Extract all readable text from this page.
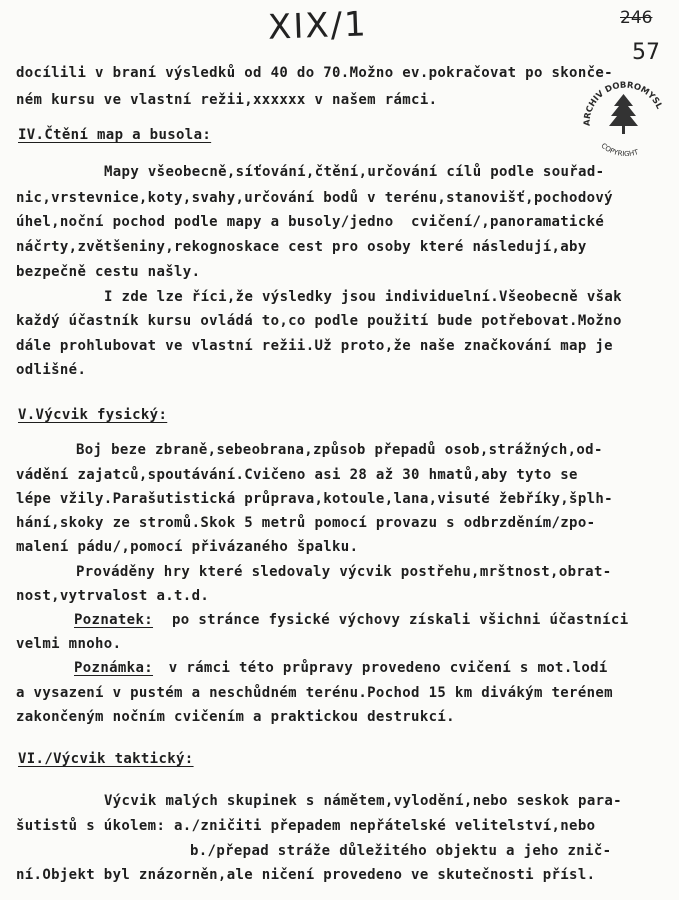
XIX/1	246
57
ARCHIV DOBROMYSL
COPYRIGHT
docílili v braní výsledků od 40 do 70.Možno ev.pokračovat po skonče-
ném kursu ve vlastní režii,xxxxxx v našem rámci.
IV.Čtění map a busola:
Mapy všeobecně,síťování,čtění,určování cílů podle souřad-
nic,vrstevnice,koty,svahy,určování bodů v terénu,stanovišť,pochodový
úhel,noční pochod podle mapy a busoly/jedno  cvičení/,panoramatické
náčrty,zvětšeniny,rekognoskace cest pro osoby které následují,aby
bezpečně cestu našly.
I zde lze říci,že výsledky jsou individuelní.Všeobecně však
každý účastník kursu ovládá to,co podle použití bude potřebovat.Možno
dále prohlubovat ve vlastní režii.Už proto,že naše značkování map je
odlišné.
V.Výcvik fysický:
Boj beze zbraně,sebeobrana,způsob přepadů osob,strážných,od-
vádění zajatců,spoutávání.Cvičeno asi 28 až 30 hmatů,aby tyto se
lépe vžily.Parašutistická průprava,kotoule,lana,visuté žebříky,šplh-
hání,skoky ze stromů.Skok 5 metrů pomocí provazu s odbrzděním/zpo-
malení pádu/,pomocí přivázaného špalku.
Prováděny hry které sledovaly výcvik postřehu,mrštnost,obrat-
nost,vytrvalost a.t.d.
Poznatek: po stránce fysické výchovy získali všichni účastníci
velmi mnoho.
Poznámka: v rámci této průpravy provedeno cvičení s mot.lodí
a vysazení v pustém a neschůdném terénu.Pochod 15 km divákým terénem
zakončeným nočním cvičením a praktickou destrukcí.
VI./Výcvik taktický:
Výcvik malých skupinek s námětem,vylodění,nebo seskok para-
šutistů s úkolem: a./zničiti přepadem nepřátelské velitelství,nebo
b./přepad stráže důležitého objektu a jeho znič-
ní.Objekt byl znázorněn,ale ničení provedeno ve skutečnosti přísl.
